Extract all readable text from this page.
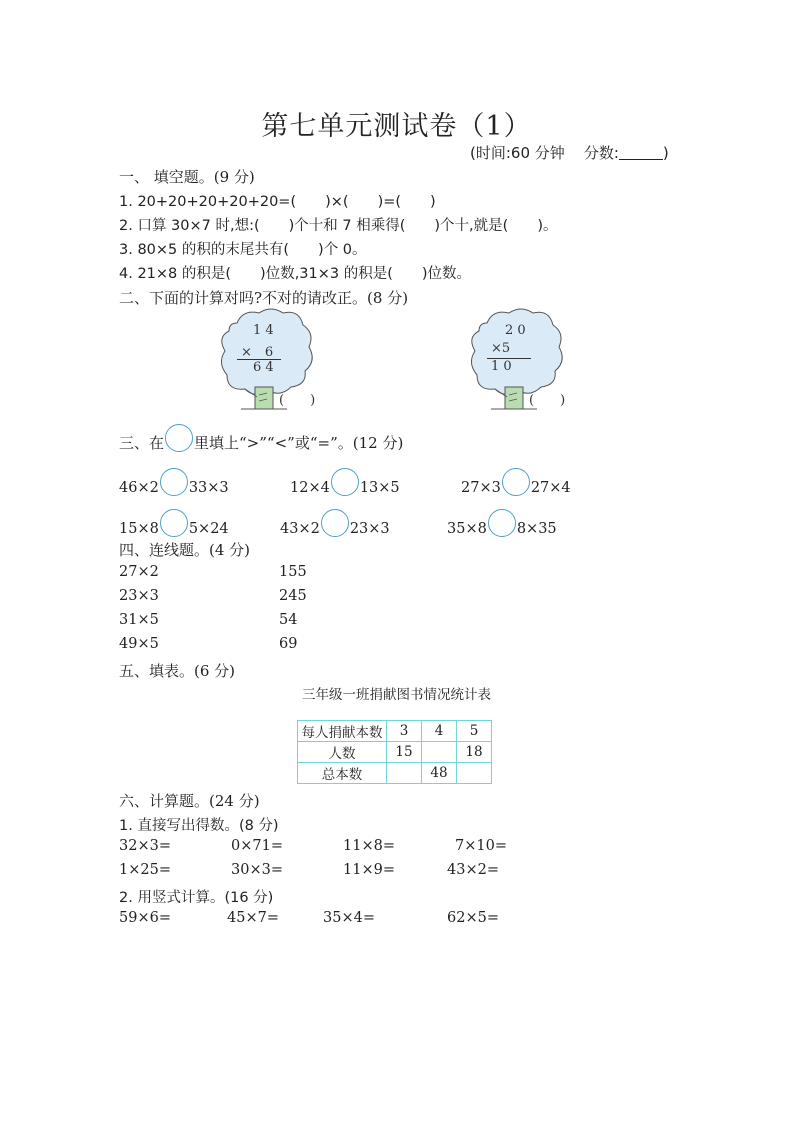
第七单元测试卷（1）
(时间:60 分钟 分数:	)
一、 填空题。(9 分)
1. 20+20+20+20+20=(　　)×(　　)=(　　)
2. 口算 30×7 时,想:(　　)个十和 7 相乘得(　　)个十,就是(　　)。
3. 80×5 的积的末尾共有(　　)个 0。
4. 21×8 的积是(　　)位数,31×3 的积是(　　)位数。
二、下面的计算对吗?不对的请改正。(8 分)
1 4
×　6
6 4
(　　)
2 0
×5
1 0
(　　)
三、在 里填上“>”“<”或“=”。(12 分)
46×2 33×3	12×4 13×5	27×3 27×4
15×8 5×24	43×2 23×3	35×8 8×35
四、连线题。(4 分)
27×2
23×3
31×5
49×5
155
245
54
69
五、填表。(6 分)
三年级一班捐献图书情况统计表
每人捐献本数	3	4	5
人数	15		18
总本数		48	
六、计算题。(24 分)
1. 直接写出得数。(8 分)
32×3=	0×71=	11×8=	7×10=
1×25=	30×3=	11×9=	43×2=
2. 用竖式计算。(16 分)
59×6=	45×7=	35×4=	62×5=
